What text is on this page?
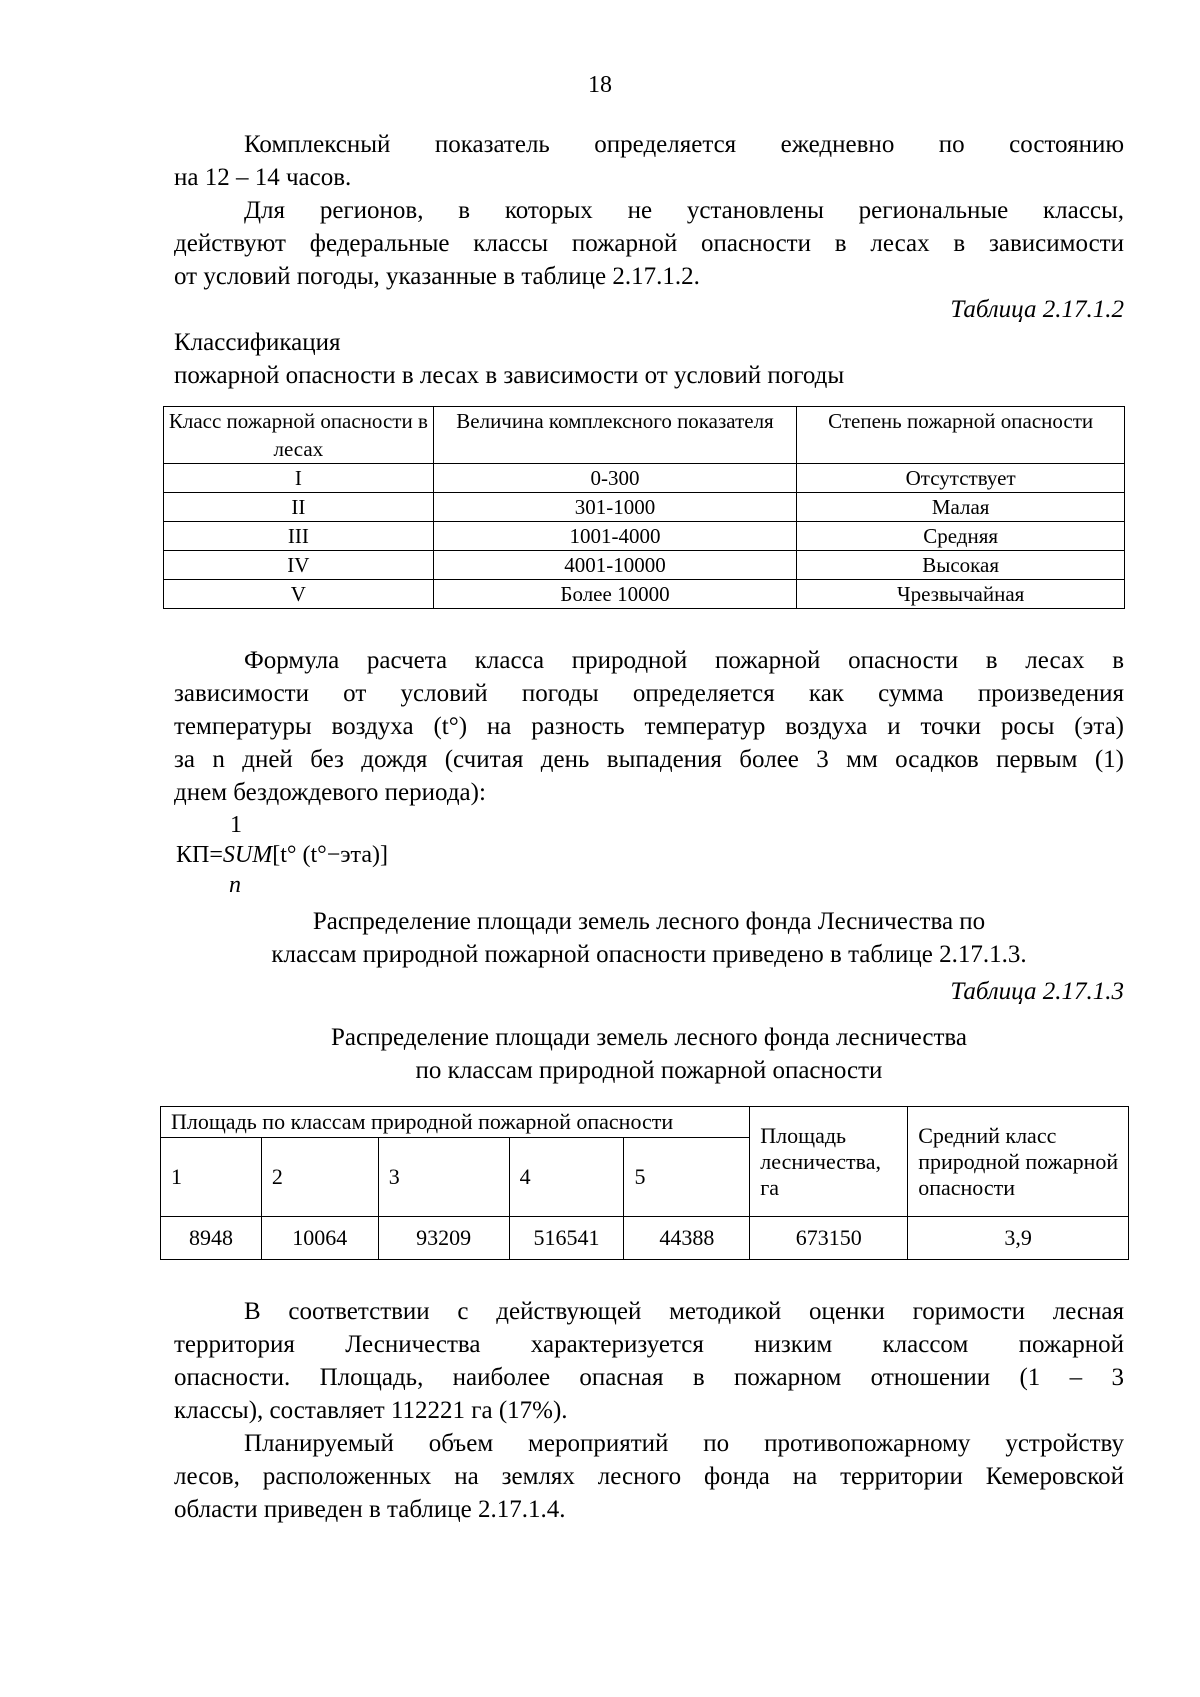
18
Комплексный показатель определяется ежедневно по состоянию
на 12 – 14 часов.
Для регионов, в которых не установлены региональные классы,
действуют федеральные классы пожарной опасности в лесах в зависимости
от условий погоды, указанные в таблице 2.17.1.2.
Таблица 2.17.1.2
Классификация
пожарной опасности в лесах в зависимости от условий погоды
Класс пожарной опасности в лесах	Величина комплексного показателя	Степень пожарной опасности
I	0-300	Отсутствует
II	301-1000	Малая
III	1001-4000	Средняя
IV	4001-10000	Высокая
V	Более 10000	Чрезвычайная
Формула расчета класса природной пожарной опасности в лесах в
зависимости от условий погоды определяется как сумма произведения
температуры воздуха (t°) на разность температур воздуха и точки росы (эта)
за n дней без дождя (считая день выпадения более 3 мм осадков первым (1)
днем бездождевого периода):
1
КП=SUM[t° (t°−эта)]
n
Распределение площади земель лесного фонда Лесничества по
классам природной пожарной опасности приведено в таблице 2.17.1.3.
Таблица 2.17.1.3
Распределение площади земель лесного фонда лесничества
по классам природной пожарной опасности
Площадь по классам природной пожарной опасности					Площадь лесничества, га	Средний класс природной пожарной опасности
1	2	3	4	5		
8948	10064	93209	516541	44388	673150	3,9
В соответствии с действующей методикой оценки горимости лесная
территория Лесничества характеризуется низким классом пожарной
опасности. Площадь, наиболее опасная в пожарном отношении (1 – 3
классы), составляет 112221 га (17%).
Планируемый объем мероприятий по противопожарному устройству
лесов, расположенных на землях лесного фонда на территории Кемеровской
области приведен в таблице 2.17.1.4.
